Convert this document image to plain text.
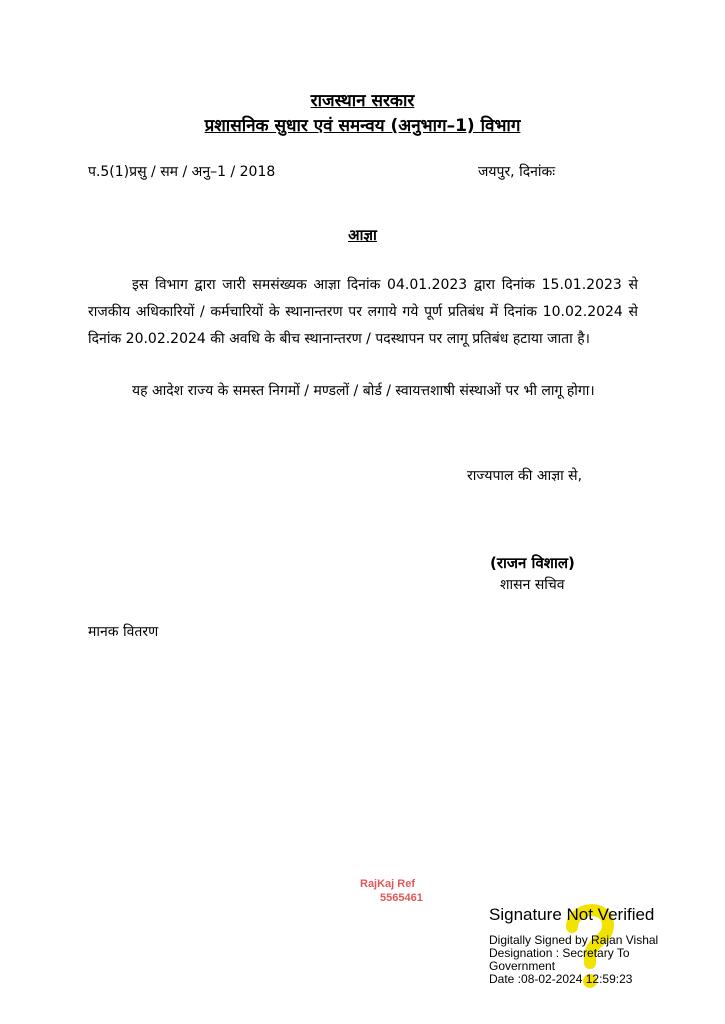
राजस्थान सरकार
प्रशासनिक सुधार एवं समन्वय (अनुभाग–1) विभाग
प.5(1)प्रसु / सम / अनु–1 / 2018	जयपुर, दिनांकः
आज्ञा
इस विभाग द्वारा जारी समसंख्यक आज्ञा दिनांक 04.01.2023 द्वारा दिनांक 15.01.2023 से राजकीय अधिकारियों / कर्मचारियों के स्थानान्तरण पर लगाये गये पूर्ण प्रतिबंध में दिनांक 10.02.2024 से दिनांक 20.02.2024 की अवधि के बीच स्थानान्तरण / पदस्थापन पर लागू प्रतिबंध हटाया जाता है।
यह आदेश राज्य के समस्त निगमों / मण्डलों / बोर्ड / स्वायत्तशाषी संस्थाओं पर भी लागू होगा।
राज्यपाल की आज्ञा से,
(राजन विशाल)
शासन सचिव
मानक वितरण
RajKaj Ref
5565461
Signature Not Verified
Digitally Signed by Rajan Vishal
Designation : Secretary To
Government
Date :08-02-2024 12:59:23
